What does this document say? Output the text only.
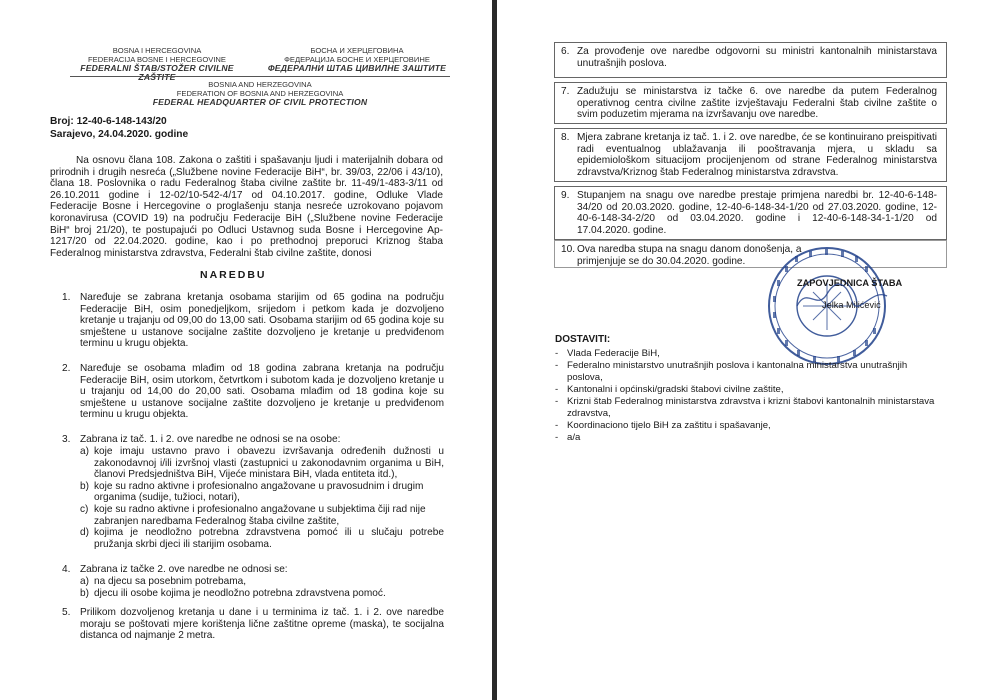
BOSNA I HERCEGOVINA
FEDERACIJA BOSNE I HERCEGOVINE
FEDERALNI ŠTAB/STOŽER CIVILNE ZAŠTITE
БОСНА И ХЕРЦЕГОВИНА
ФЕДЕРАЦИЈА БОСНЕ И ХЕРЦЕГОВИНЕ
ФЕДЕРАЛНИ ШТАБ ЦИВИЛНЕ ЗАШТИТЕ
BOSNIA AND HERZEGOVINA
FEDERATION OF BOSNIA AND HERZEGOVINA
FEDERAL HEADQUARTER OF CIVIL PROTECTION
Broj: 12-40-6-148-143/20
Sarajevo, 24.04.2020. godine
Na osnovu člana 108. Zakona o zaštiti i spašavanju ljudi i materijalnih dobara od prirodnih i drugih nesreća („Službene novine Federacije BiH“, br. 39/03, 22/06 i 43/10), člana 18. Poslovnika o radu Federalnog štaba civilne zaštite br. 11-49/1-483-3/11 od 26.10.2011 godine i 12-02/10-542-4/17 od 04.10.2017. godine, Odluke Vlade Federacije Bosne i Hercegovine o proglašenju stanja nesreće uzrokovano pojavom koronavirusa (COVID 19) na području Federacije BiH („Službene novine Federacije BiH“ broj 21/20), te postupajući po Odluci Ustavnog suda Bosne i Hercegovine Ap-1217/20 od 22.04.2020. godine, kao i po prethodnoj preporuci Kriznog štaba Federalnog ministarstva zdravstva, Federalni štab civilne zaštite, donosi
NAREDBU
1. Naređuje se zabrana kretanja osobama starijim od 65 godina na području Federacije BiH, osim ponedjeljkom, srijedom i petkom kada je dozvoljeno kretanje u trajanju od 09,00 do 13,00 sati. Osobama starijim od 65 godina koje su smještene u ustanove socijalne zaštite dozvoljeno je kretanje u predviđenom terminu u krugu objekta.
2. Naređuje se osobama mlađim od 18 godina zabrana kretanja na području Federacije BiH, osim utorkom, četvrtkom i subotom kada je dozvoljeno kretanje u u trajanju od 14,00 do 20,00 sati. Osobama mlađim od 18 godina koje su smještene u ustanove socijalne zaštite dozvoljeno je kretanje u predviđenom terminu u krugu objekta.
3. Zabrana iz tač. 1. i 2. ove naredbe ne odnosi se na osobe:
a) koje imaju ustavno pravo i obavezu izvršavanja određenih dužnosti u zakonodavnoj i/ili izvršnoj vlasti (zastupnici u zakonodavnim organima u BiH, članovi Predsjedništva BiH, Vijeće ministara BiH, vlada entiteta itd.),
b) koje su radno aktivne i profesionalno angažovane u pravosudnim i drugim organima (sudije, tužioci, notari),
c) koje su radno aktivne i profesionalno angažovane u subjektima čiji rad nije zabranjen naredbama Federalnog štaba civilne zaštite,
d) kojima je neodložno potrebna zdravstvena pomoć ili u slučaju potrebe pružanja skrbi djeci ili starijim osobama.
4. Zabrana iz tačke 2. ove naredbe ne odnosi se:
a) na djecu sa posebnim potrebama,
b) djecu ili osobe kojima je neodložno potrebna zdravstvena pomoć.
5. Prilikom dozvoljenog kretanja u dane i u terminima iz tač. 1. i 2. ove naredbe moraju se poštovati mjere korištenja lične zaštitne opreme (maska), te socijalna distanca od najmanje 2 metra.
6. Za provođenje ove naredbe odgovorni su ministri kantonalnih ministarstava unutrašnjih poslova.
7. Zadužuju se ministarstva iz tačke 6. ove naredbe da putem Federalnog operativnog centra civilne zaštite izvještavaju Federalni štab civilne zaštite o svim poduzetim mjerama na izvršavanju ove naredbe.
8. Mjera zabrane kretanja iz tač. 1. i 2. ove naredbe, će se kontinuirano preispitivati radi eventualnog ublažavanja ili pooštravanja mjera, u skladu sa epidemiološkom situacijom procijenjenom od strane Federalnog ministarstva zdravstva/Kriznog štab Federalnog ministarstva zdravstva.
9. Stupanjem na snagu ove naredbe prestaje primjena naredbi br. 12-40-6-148-34/20 od 20.03.2020. godine, 12-40-6-148-34-1/20 od 27.03.2020. godine, 12-40-6-148-34-2/20 od 03.04.2020. godine i 12-40-6-148-34-1-1/20 od 17.04.2020. godine.
10. Ova naredba stupa na snagu danom donošenja, a primjenjuje se do 30.04.2020. godine.
ZAPOVJEDNICA ŠTABA
Jelka Milićević
DOSTAVITI:
- Vlada Federacije BiH,
- Federalno ministarstvo unutrašnjih poslova i kantonalna ministarstva unutrašnjih poslova,
- Kantonalni i općinski/gradski štabovi civilne zaštite,
- Krizni štab Federalnog ministarstva zdravstva i krizni štabovi kantonalnih ministarstava zdravstva,
- Koordinaciono tijelo BiH za zaštitu i spašavanje,
- a/a
